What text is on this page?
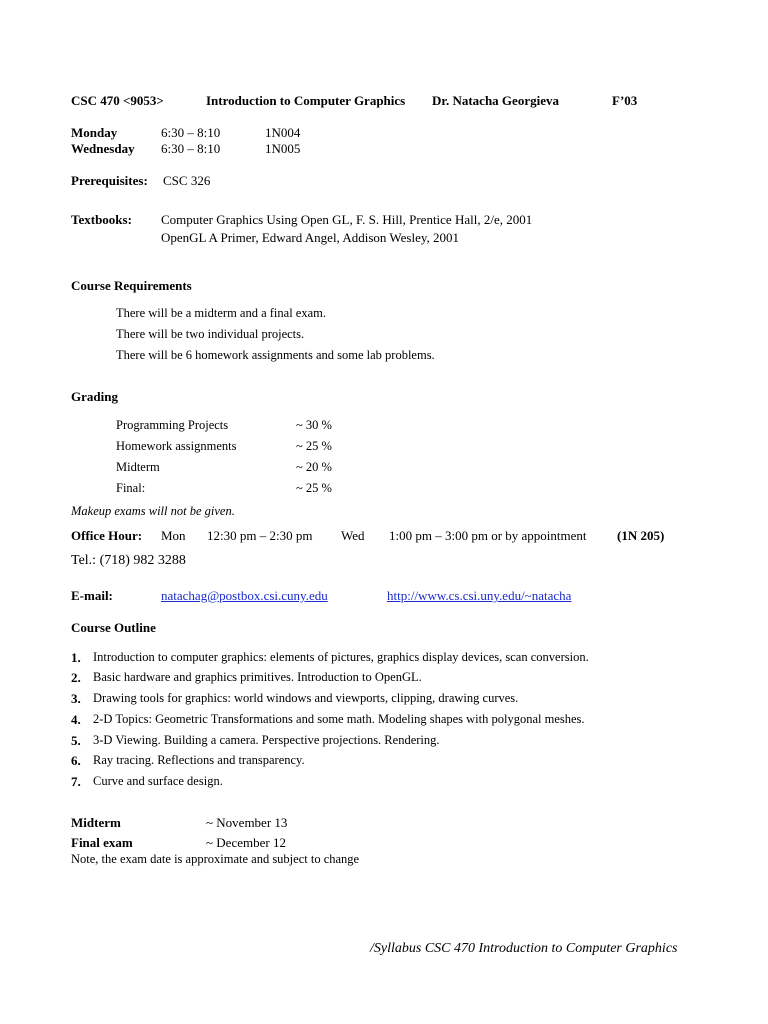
CSC 470 <9053>	Introduction to Computer Graphics Dr. Natacha Georgieva	F’03
Monday	6:30 – 8:10	1N004
Wednesday 6:30 – 8:10	1N005
Prerequisites: CSC 326
Textbooks: Computer Graphics Using Open GL, F. S. Hill, Prentice Hall, 2/e, 2001
OpenGL A Primer, Edward Angel, Addison Wesley, 2001
Course Requirements
There will be a midterm and a final exam.
There will be two individual projects.
There will be 6 homework assignments and some lab problems.
Grading
Programming Projects	~ 30 %
Homework assignments	~ 25 %
Midterm	~ 20 %
Final:	~ 25 %
Makeup exams will not be given.
Office Hour: Mon 12:30 pm – 2:30 pm Wed 1:00 pm – 3:00 pm or by appointment (1N 205)
Tel.: (718) 982 3288
E-mail:	natachag@postbox.csi.cuny.edu	http://www.cs.csi.uny.edu/~natacha
Course Outline
1. Introduction to computer graphics: elements of pictures, graphics display devices, scan conversion.
2. Basic hardware and graphics primitives. Introduction to OpenGL.
3. Drawing tools for graphics: world windows and viewports, clipping, drawing curves.
4. 2-D Topics: Geometric Transformations and some math. Modeling shapes with polygonal meshes.
5. 3-D Viewing. Building a camera. Perspective projections. Rendering.
6. Ray tracing. Reflections and transparency.
7. Curve and surface design.
Midterm	~ November 13
Final exam	~ December 12
Note, the exam date is approximate and subject to change
/Syllabus CSC 470 Introduction to Computer Graphics
